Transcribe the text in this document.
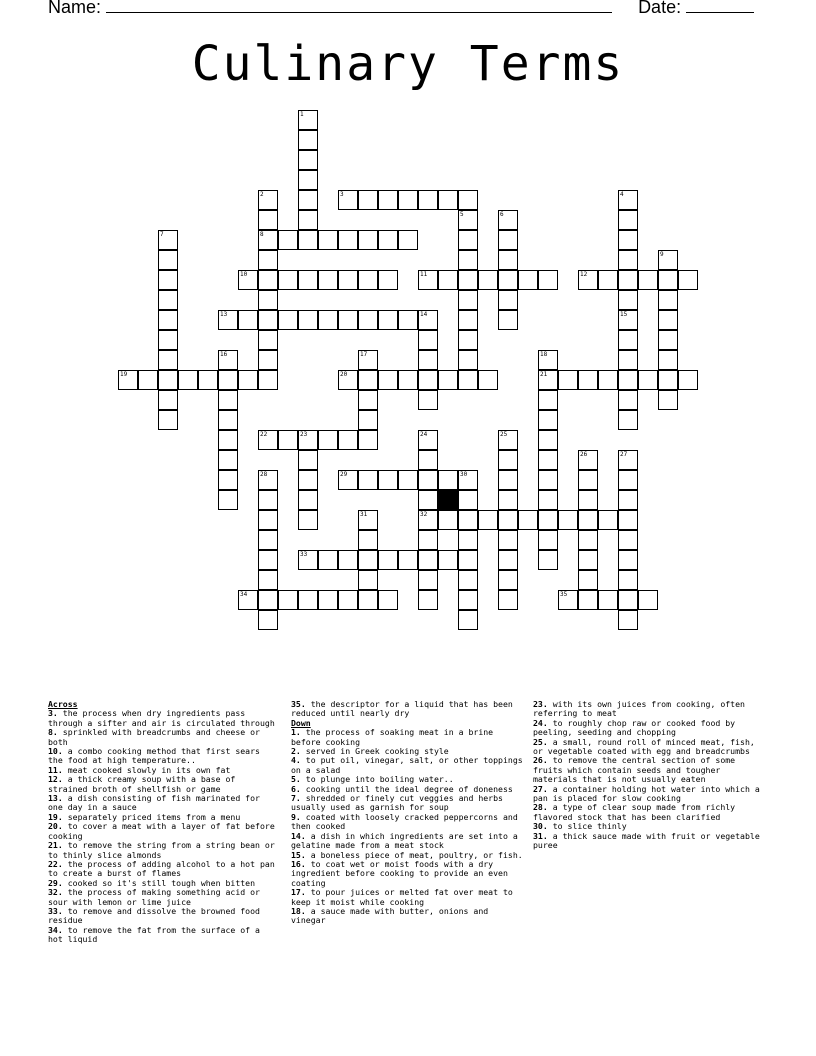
Name:	Date:
Culinary Terms
1
2
8
3	4
5	6
7
9
10	11	12
13	14	15
16	17	18
21
19	20
22	23	24
32
25
26	27
28	29	30
31
33
34	35
Across
3. the process when dry ingredients pass through a sifter and air is circulated through
8. sprinkled with breadcrumbs and cheese or both
10. a combo cooking method that first sears the food at high temperature..
11. meat cooked slowly in its own fat
12. a thick creamy soup with a base of strained broth of shellfish or game
13. a dish consisting of fish marinated for one day in a sauce
19. separately priced items from a menu
20. to cover a meat with a layer of fat before cooking
21. to remove the string from a string bean or to thinly slice almonds
22. the process of adding alcohol to a hot pan to create a burst of flames
29. cooked so it's still tough when bitten
32. the process of making something acid or sour with lemon or lime juice
33. to remove and dissolve the browned food residue
34. to remove the fat from the surface of a hot liquid
35. the descriptor for a liquid that has been reduced until nearly dry
Down
1. the process of soaking meat in a brine before cooking
2. served in Greek cooking style
4. to put oil, vinegar, salt, or other toppings on a salad
5. to plunge into boiling water..
6. cooking until the ideal degree of doneness
7. shredded or finely cut veggies and herbs usually used as garnish for soup
9. coated with loosely cracked peppercorns and then cooked
14. a dish in which ingredients are set into a gelatine made from a meat stock
15. a boneless piece of meat, poultry, or fish.
16. to coat wet or moist foods with a dry ingredient before cooking to provide an even coating
17. to pour juices or melted fat over meat to keep it moist while cooking
18. a sauce made with butter, onions and vinegar
23. with its own juices from cooking, often referring to meat
24. to roughly chop raw or cooked food by peeling, seeding and chopping
25. a small, round roll of minced meat, fish, or vegetable coated with egg and breadcrumbs
26. to remove the central section of some fruits which contain seeds and tougher materials that is not usually eaten
27. a container holding hot water into which a pan is placed for slow cooking
28. a type of clear soup made from richly flavored stock that has been clarified
30. to slice thinly
31. a thick sauce made with fruit or vegetable puree
